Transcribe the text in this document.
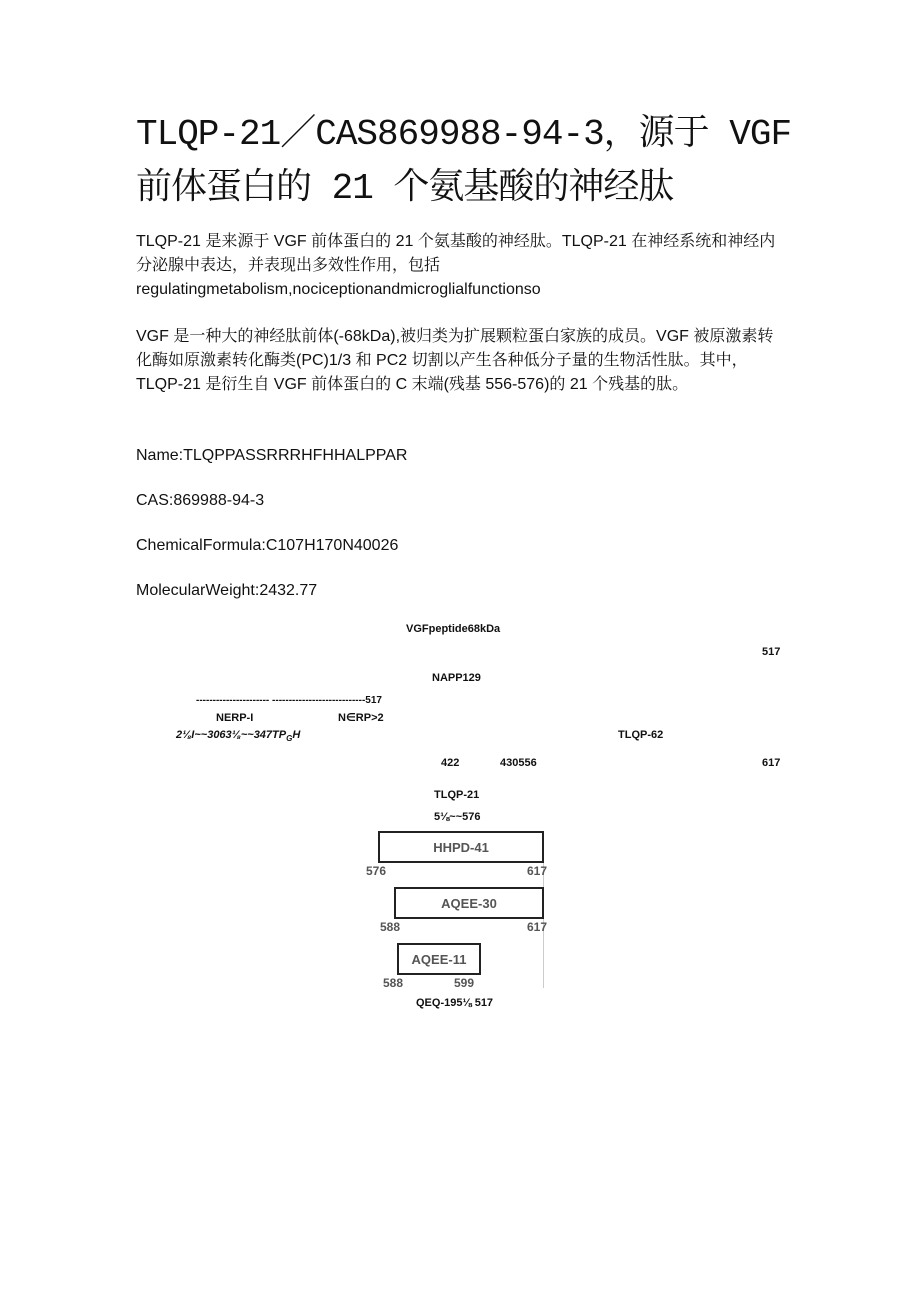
TLQP-21／CAS869988-94-3，源于 VGF 前体蛋白的 21 个氨基酸的神经肽

TLQP-21 是来源于 VGF 前体蛋白的 21 个氨基酸的神经肽。TLQP-21 在神经系统和神经内分泌腺中表达，并表现出多效性作用，包括 regulatingmetabolism,nociceptionandmicroglialfunctionso

VGF 是一种大的神经肽前体(-68kDa),被归类为扩展颗粒蛋白家族的成员。VGF 被原激素转化酶如原激素转化酶类(PC)1/3 和 PC2 切割以产生各种低分子量的生物活性肽。其中，TLQP-21 是衍生自 VGF 前体蛋白的 C 末端(残基 556-576)的 21 个残基的肽。

Name:TLQPPASSRRRHFHHALPPAR

CAS:869988-94-3

ChemicalFormula:C107H170N40026

MolecularWeight:2432.77

VGFpeptide68kDa
517
NAPP129
---------------------- ----------------------------517
NERP-I	N∈RP>2
$2\frac{1}{8}I\sim\sim 3063\frac{1}{8}\sim\sim 347TP_GH$	TLQP-62
422	430556	617
TLQP-21
5⅛~~576
HHPD-41
576	617
AQEE-30
588	617
AQEE-11
588	599
QEQ-195⅛ 517
